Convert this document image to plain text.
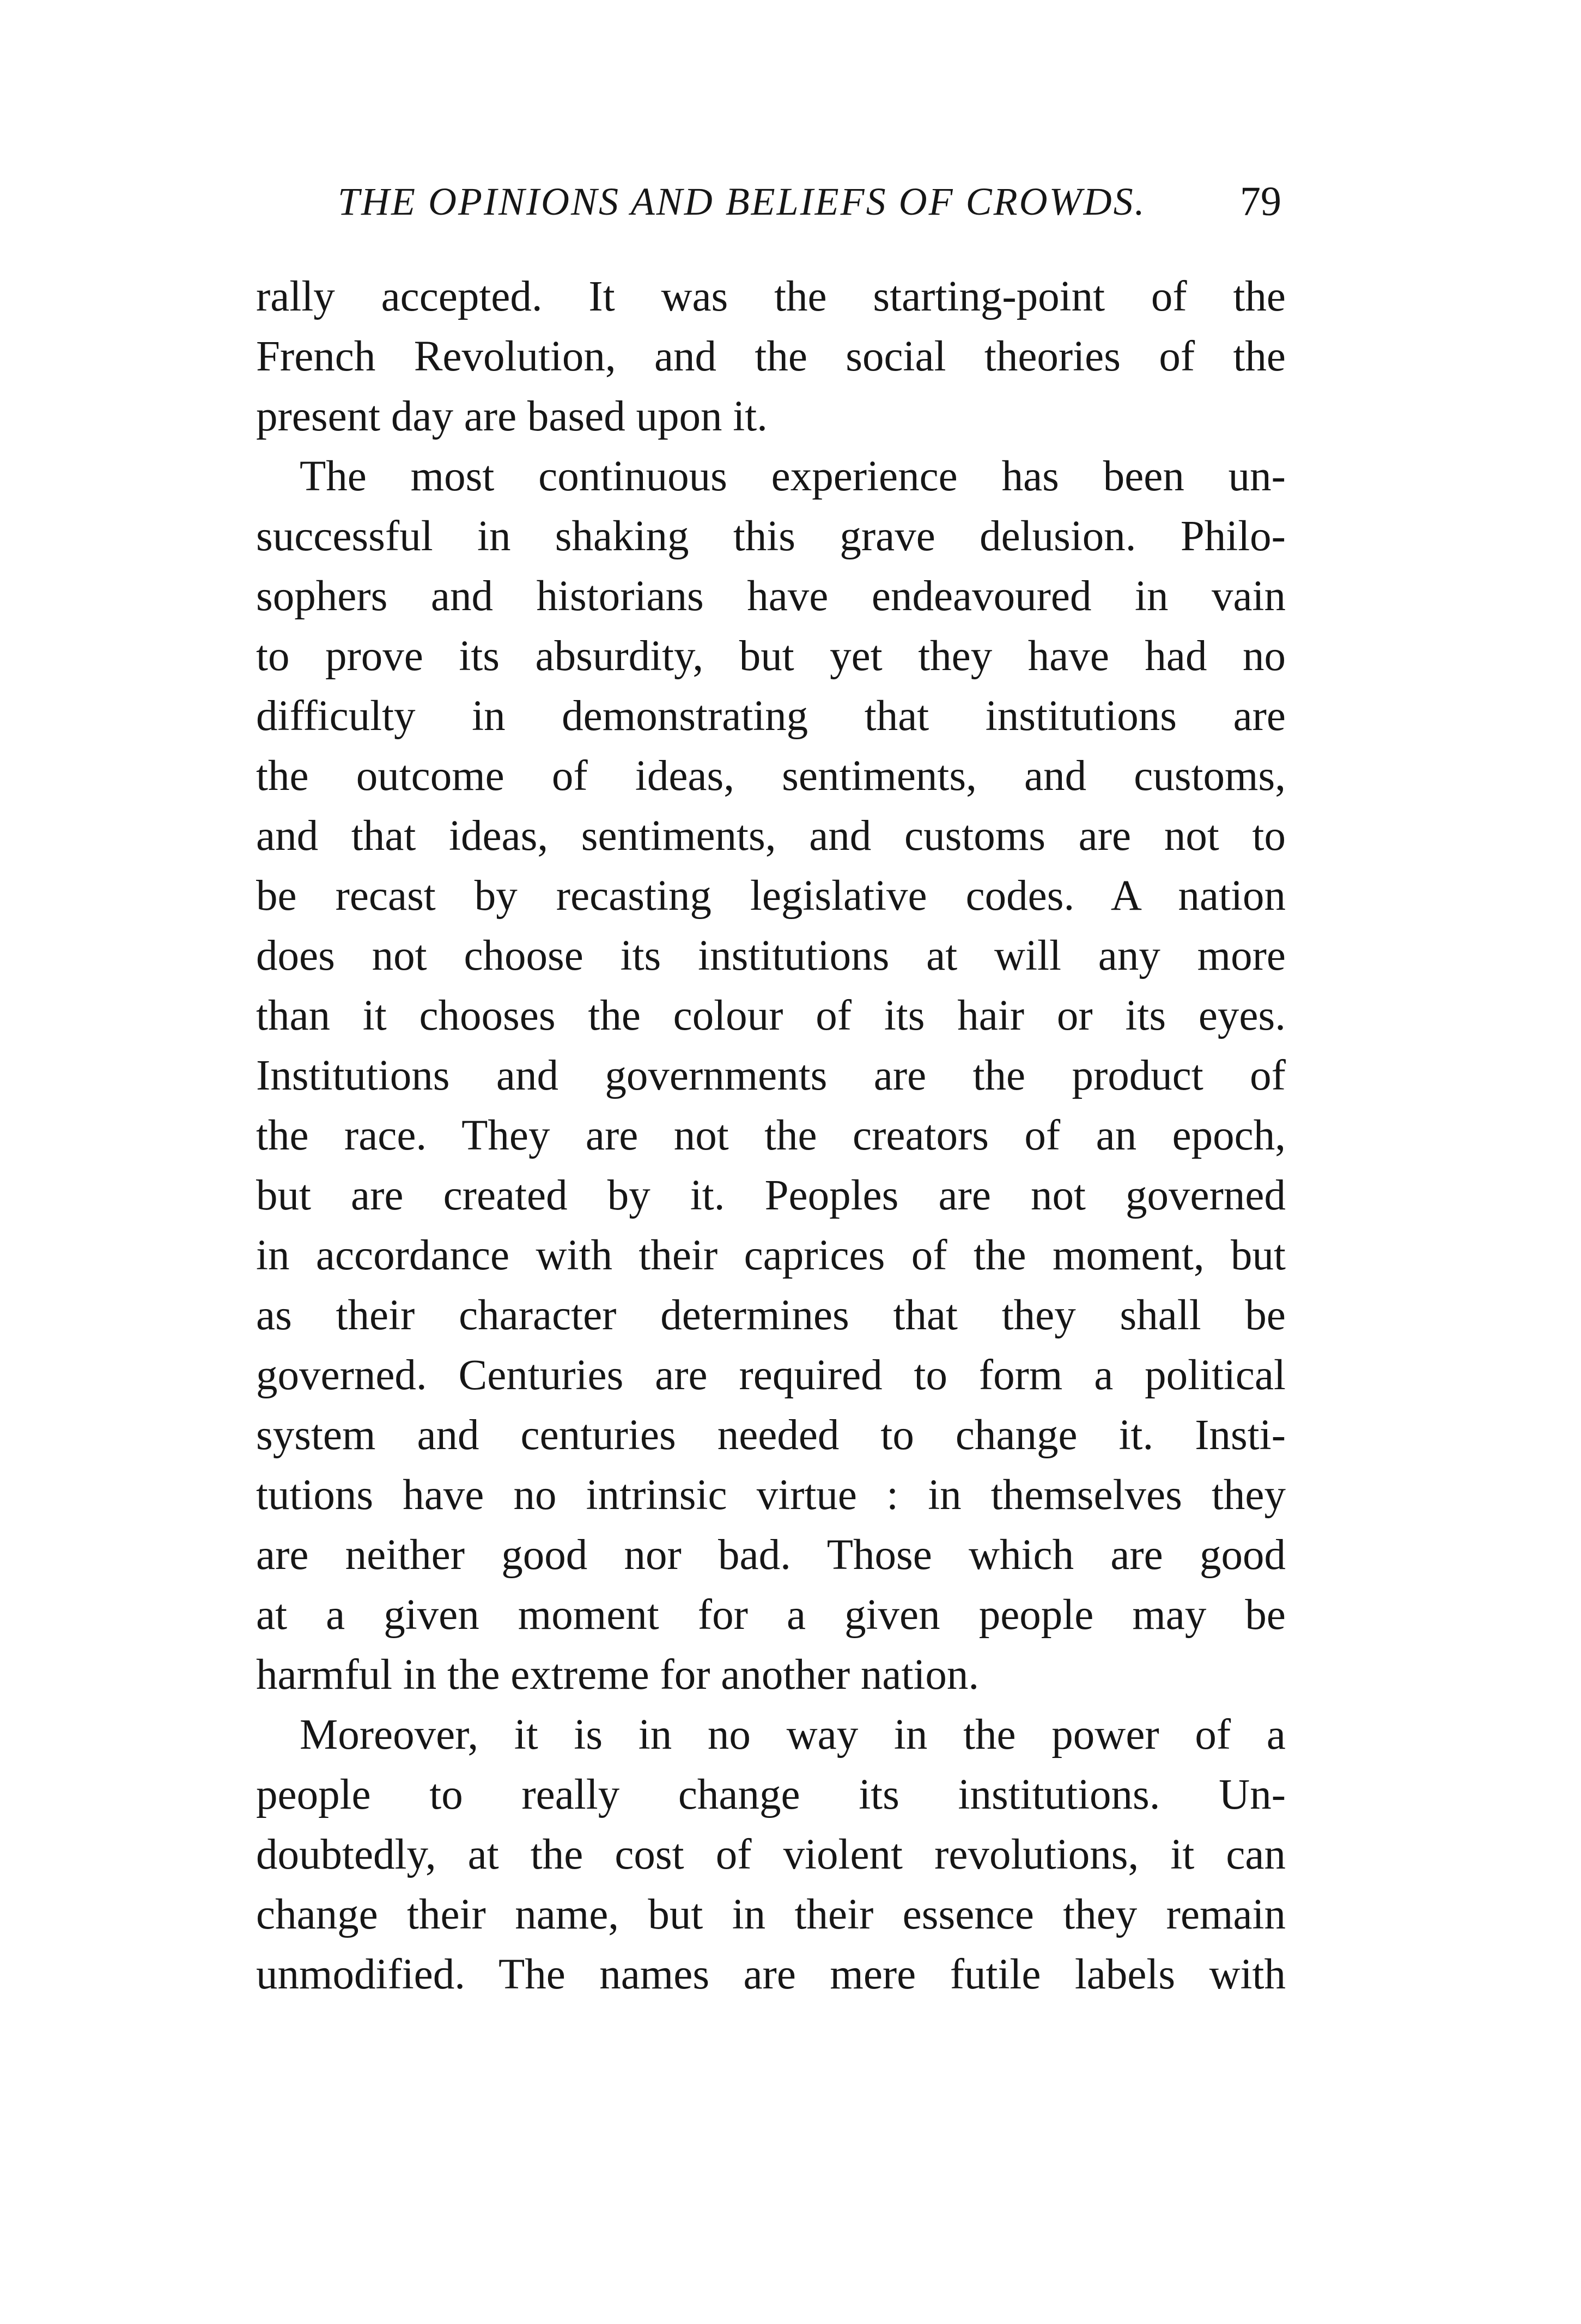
THE OPINIONS AND BELIEFS OF CROWDS. 79
rally accepted. It was the starting-point of the
French Revolution, and the social theories of the
present day are based upon it.
The most continuous experience has been un-
successful in shaking this grave delusion. Philo-
sophers and historians have endeavoured in vain
to prove its absurdity, but yet they have had no
difficulty in demonstrating that institutions are
the outcome of ideas, sentiments, and customs,
and that ideas, sentiments, and customs are not to
be recast by recasting legislative codes. A nation
does not choose its institutions at will any more
than it chooses the colour of its hair or its eyes.
Institutions and governments are the product of
the race. They are not the creators of an epoch,
but are created by it. Peoples are not governed
in accordance with their caprices of the moment, but
as their character determines that they shall be
governed. Centuries are required to form a political
system and centuries needed to change it. Insti-
tutions have no intrinsic virtue : in themselves they
are neither good nor bad. Those which are good
at a given moment for a given people may be
harmful in the extreme for another nation.
Moreover, it is in no way in the power of a
people to really change its institutions. Un-
doubtedly, at the cost of violent revolutions, it can
change their name, but in their essence they remain
unmodified. The names are mere futile labels with
